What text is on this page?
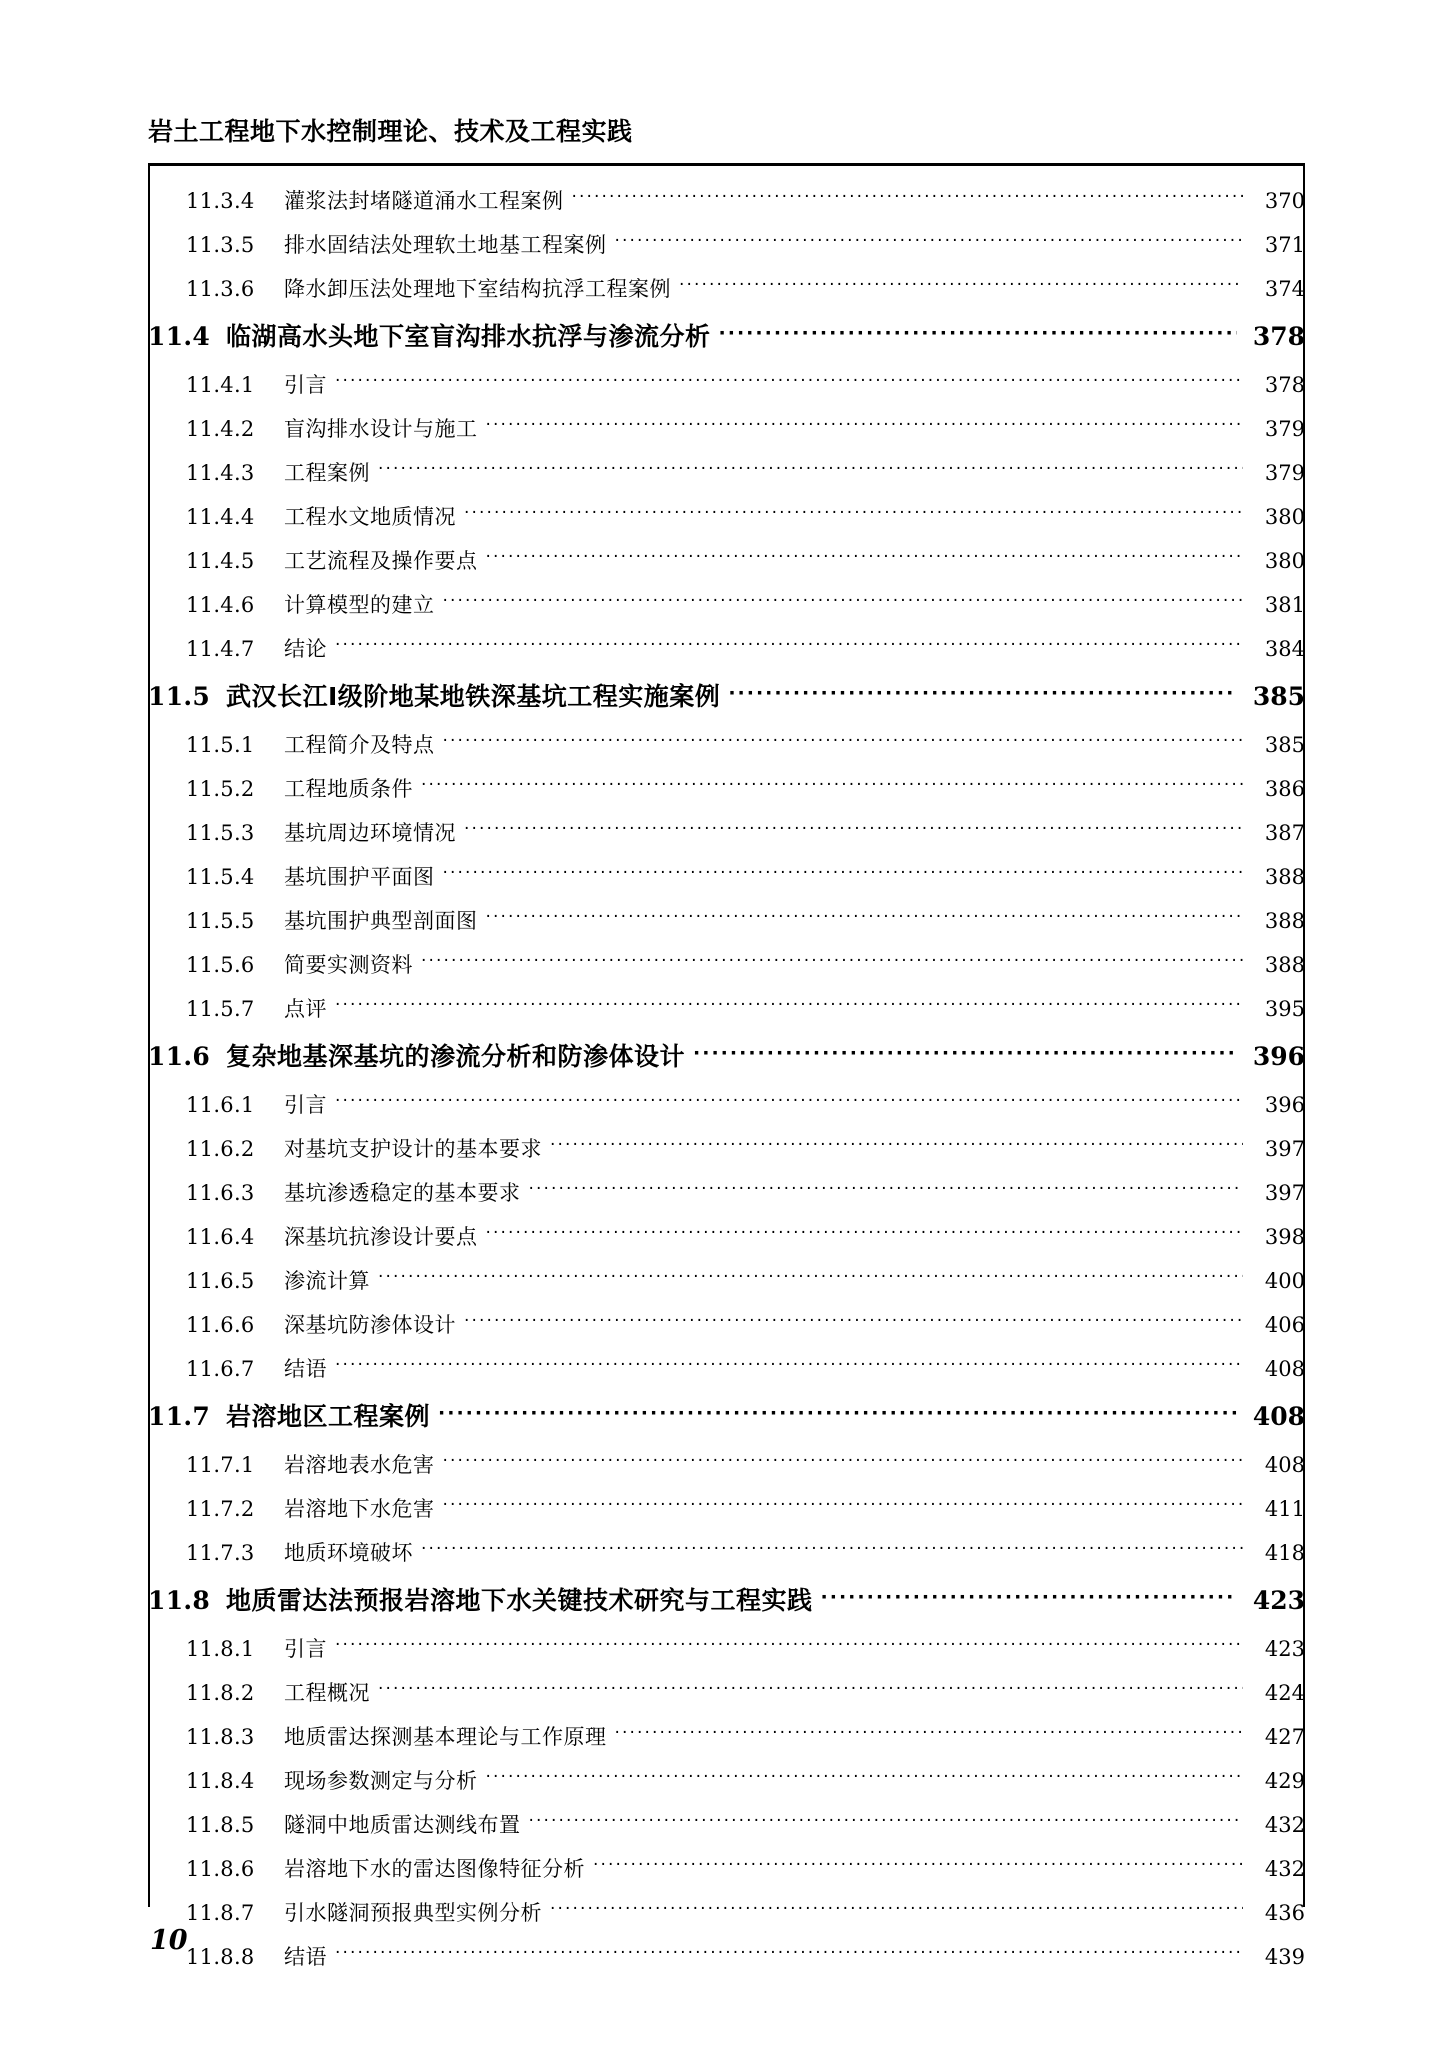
岩土工程地下水控制理论、技术及工程实践
11.3.4	灌浆法封堵隧道涌水工程案例 ·····	370
11.3.5	排水固结法处理软土地基工程案例 ·····	371
11.3.6	降水卸压法处理地下室结构抗浮工程案例 ·····	374
11.4 临湖高水头地下室盲沟排水抗浮与渗流分析 ·····	378
11.4.1	引言 ·····	378
11.4.2	盲沟排水设计与施工 ·····	379
11.4.3	工程案例 ·····	379
11.4.4	工程水文地质情况 ·····	380
11.4.5	工艺流程及操作要点 ·····	380
11.4.6	计算模型的建立 ·····	381
11.4.7	结论 ·····	384
11.5 武汉长江Ⅰ级阶地某地铁深基坑工程实施案例 ·····	385
11.5.1	工程简介及特点 ·····	385
11.5.2	工程地质条件 ·····	386
11.5.3	基坑周边环境情况 ·····	387
11.5.4	基坑围护平面图 ·····	388
11.5.5	基坑围护典型剖面图 ·····	388
11.5.6	简要实测资料 ·····	388
11.5.7	点评 ·····	395
11.6 复杂地基深基坑的渗流分析和防渗体设计 ·····	396
11.6.1	引言 ·····	396
11.6.2	对基坑支护设计的基本要求 ·····	397
11.6.3	基坑渗透稳定的基本要求 ·····	397
11.6.4	深基坑抗渗设计要点 ·····	398
11.6.5	渗流计算 ·····	400
11.6.6	深基坑防渗体设计 ·····	406
11.6.7	结语 ·····	408
11.7 岩溶地区工程案例 ·····	408
11.7.1	岩溶地表水危害 ·····	408
11.7.2	岩溶地下水危害 ·····	411
11.7.3	地质环境破坏 ·····	418
11.8 地质雷达法预报岩溶地下水关键技术研究与工程实践 ·····	423
11.8.1	引言 ·····	423
11.8.2	工程概况 ·····	424
11.8.3	地质雷达探测基本理论与工作原理 ·····	427
11.8.4	现场参数测定与分析 ·····	429
11.8.5	隧洞中地质雷达测线布置 ·····	432
11.8.6	岩溶地下水的雷达图像特征分析 ·····	432
11.8.7	引水隧洞预报典型实例分析 ·····	436
11.8.8	结语 ·····	439
10
